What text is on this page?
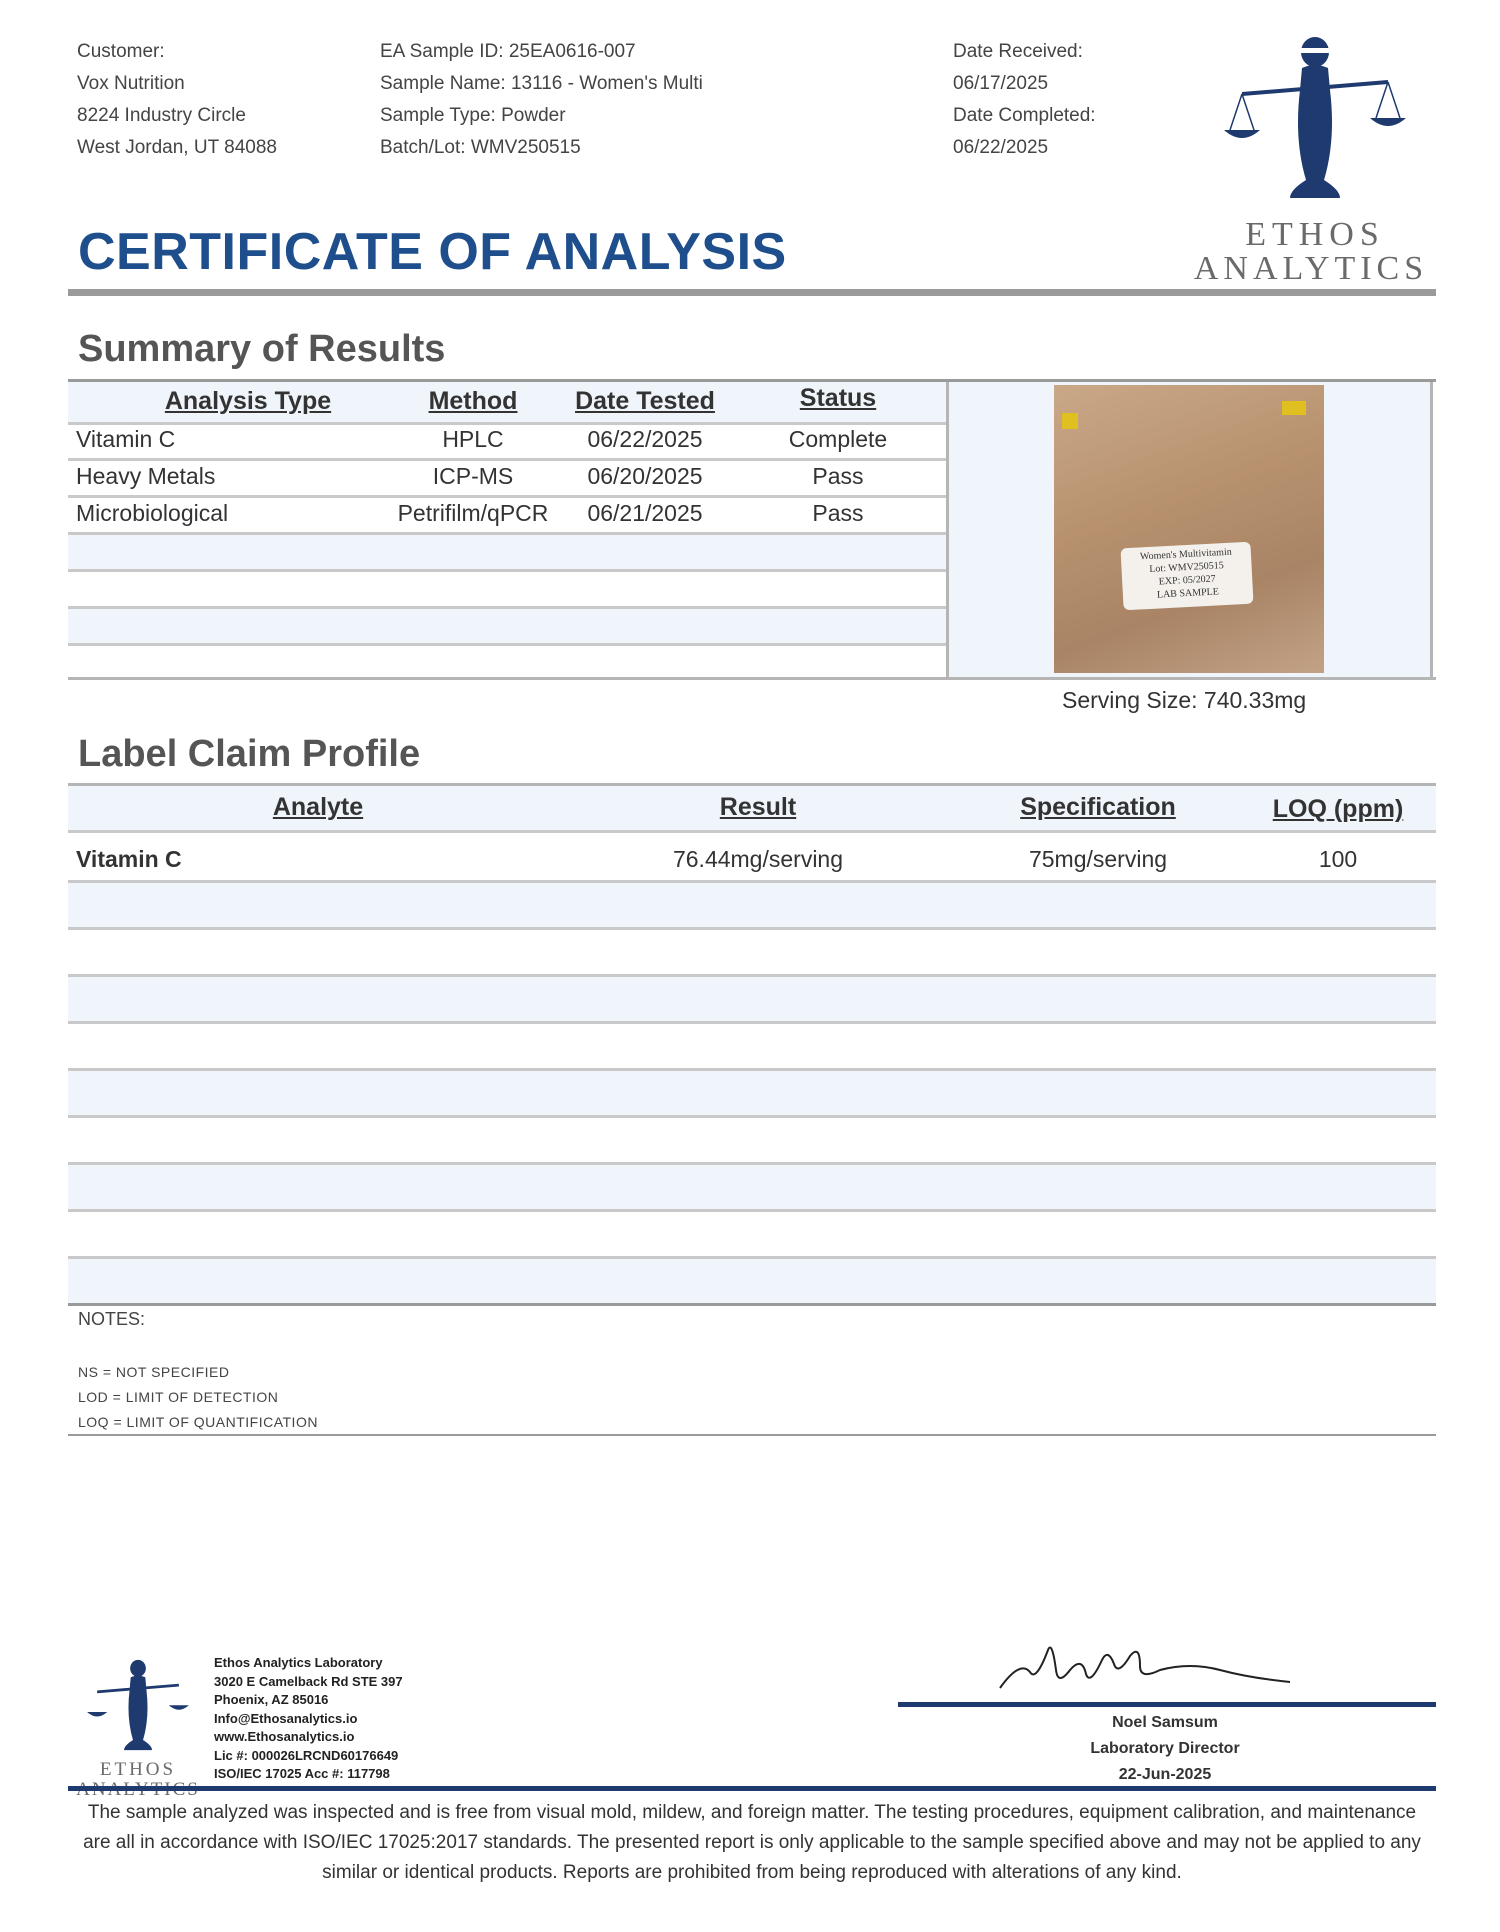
Customer:
Vox Nutrition
8224 Industry Circle
West Jordan, UT 84088
EA Sample ID: 25EA0616-007
Sample Name: 13116 - Women's Multi
Sample Type: Powder
Batch/Lot: WMV250515
Date Received:
06/17/2025
Date Completed:
06/22/2025
ETHOS
ANALYTICS
CERTIFICATE OF ANALYSIS
Summary of Results
Analysis Type	Method	Date Tested	Status
Vitamin C	HPLC	06/22/2025	Complete
Heavy Metals	ICP-MS	06/20/2025	Pass
Microbiological	Petrifilm/qPCR	06/21/2025	Pass
Women's Multivitamin
Lot: WMV250515
EXP: 05/2027
LAB SAMPLE
Serving Size: 740.33mg
Label Claim Profile
Analyte	Result	Specification	LOQ (ppm)
Vitamin C	76.44mg/serving	75mg/serving	100
NOTES:
NS = NOT SPECIFIED
LOD = LIMIT OF DETECTION
LOQ = LIMIT OF QUANTIFICATION
ETHOS
Ethos Analytics Laboratory
3020 E Camelback Rd STE 397
Phoenix, AZ 85016
Info@Ethosanalytics.io
www.Ethosanalytics.io
Lic #: 000026LRCND60176649
ISO/IEC 17025 Acc #: 117798
Noel Samsum
Laboratory Director
22-Jun-2025
The sample analyzed was inspected and is free from visual mold, mildew, and foreign matter. The testing procedures, equipment calibration, and maintenance are all in accordance with ISO/IEC 17025:2017 standards. The presented report is only applicable to the sample specified above and may not be applied to any similar or identical products. Reports are prohibited from being reproduced with alterations of any kind.
